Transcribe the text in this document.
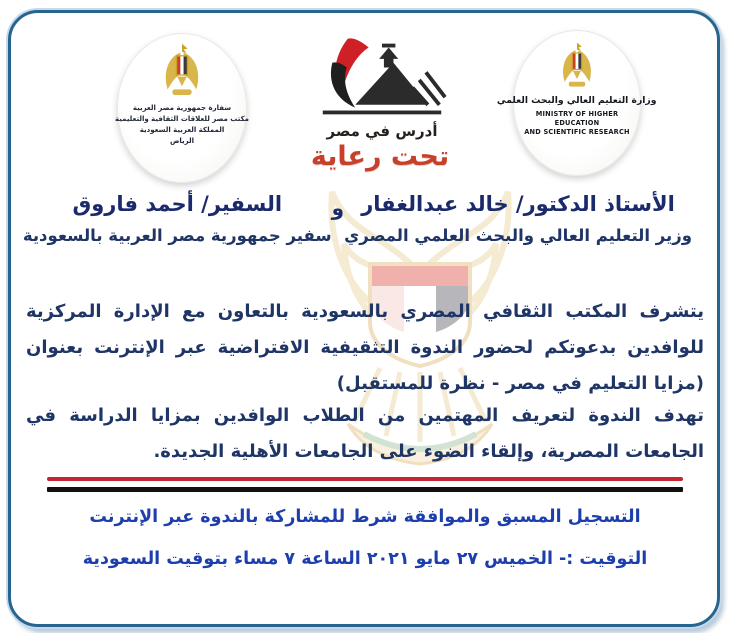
سفارة جمهورية مصر العربية
مكتب مصر للعلاقات الثقافية والتعليمية
المملكة العربية السعودية
الرياض
أدرس في مصر
تحت رعاية
وزارة التعليم العالي والبحث العلمي
MINISTRY OF HIGHER EDUCATION
AND SCIENTIFIC RESEARCH
الأستاذ الدكتور/ خالد عبدالغفار
وزير التعليم العالي والبحث العلمي المصري
و
السفير/ أحمد فاروق
سفير جمهورية مصر العربية بالسعودية
يتشرف المكتب الثقافي المصري بالسعودية بالتعاون مع الإدارة المركزية للوافدين بدعوتكم لحضور الندوة التثقيفية الافتراضية عبر الإنترنت بعنوان (مزايا التعليم في مصر - نظرة للمستقبل)
تهدف الندوة لتعريف المهتمين من الطلاب الوافدين بمزايا الدراسة في الجامعات المصرية، وإلقاء الضوء على الجامعات الأهلية الجديدة.
التسجيل المسبق والموافقة شرط للمشاركة بالندوة عبر الإنترنت
التوقيت :- الخميس ٢٧ مايو ٢٠٢١ الساعة ٧ مساء بتوقيت السعودية
